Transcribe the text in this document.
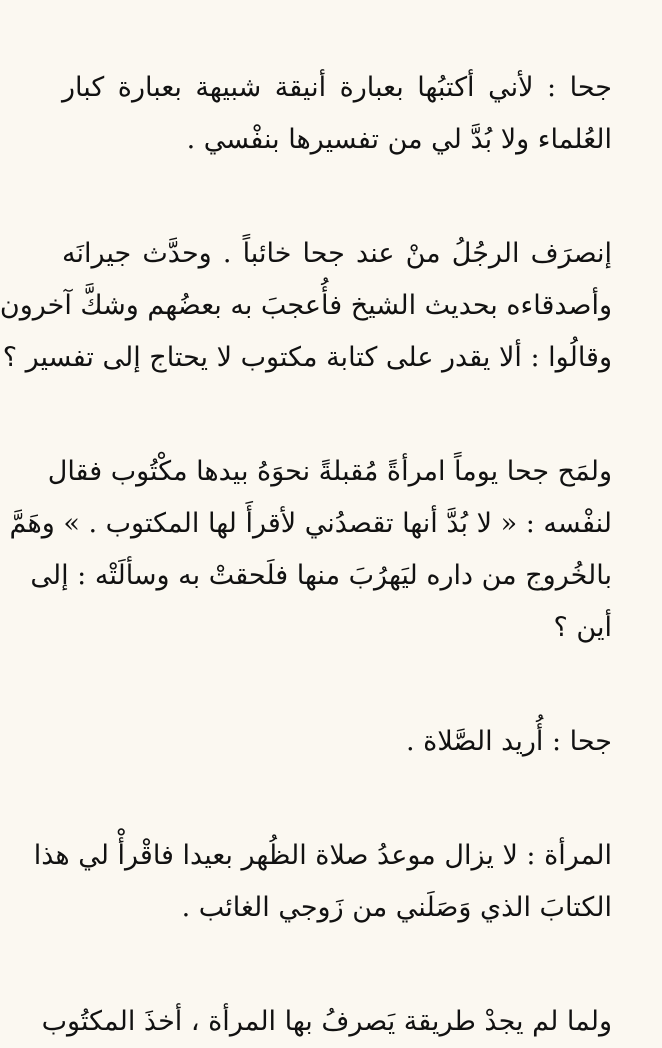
جحا : لأني أكتبُها بعبارة أنيقة شبيهة بعبارة كبار
العُلماء ولا بُدَّ لي من تفسيرها بنفْسي .
إنصرَف الرجُلُ منْ عند جحا خائباً . وحدَّث جيرانَه
وأصدقاءه بحديث الشيخ فأُعجبَ به بعضُهم وشكَّ آخرون
وقالُوا : ألا يقدر على كتابة مكتوب لا يحتاج إلى تفسير ؟
ولمَح جحا يوماً امرأةً مُقبلةً نحوَهُ بيدها مكْتُوب فقال
لنفْسه : « لا بُدَّ أنها تقصدُني لأقرأَ لها المكتوب . » وهَمَّ
بالخُروج من داره ليَهرُبَ منها فلَحقتْ به وسألَتْه : إلى
أين ؟
جحا : أُريد الصَّلاة .
المرأة : لا يزال موعدُ صلاة الظُهر بعيدا فاقْرأْ لي هذا
الكتابَ الذي وَصَلَني من زَوجي الغائب .
ولما لم يجدْ طريقة يَصرفُ بها المرأة ، أخذَ المكتُوب
